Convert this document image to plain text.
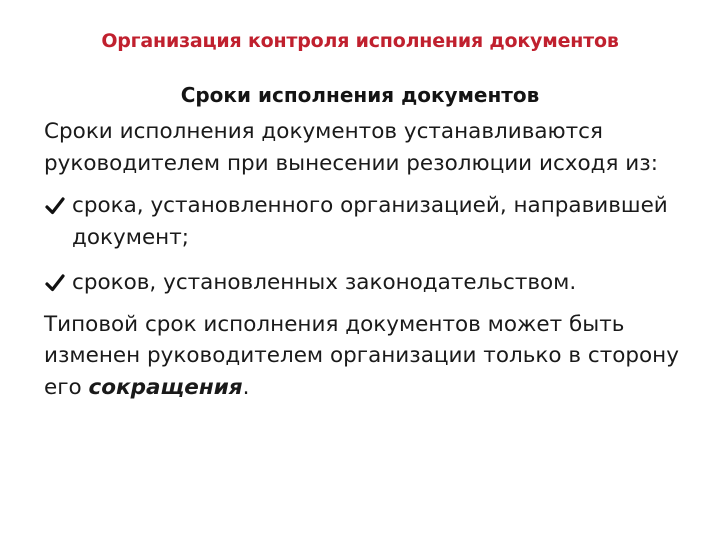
Организация контроля исполнения документов
Сроки исполнения документов

Сроки исполнения документов устанавливаются руководителем при вынесении резолюции исходя из:

срока, установленного организацией, направившей документ;
сроков, установленных законодательством.

Типовой срок исполнения документов может быть изменен руководителем организации только в сторону его сокращения.
